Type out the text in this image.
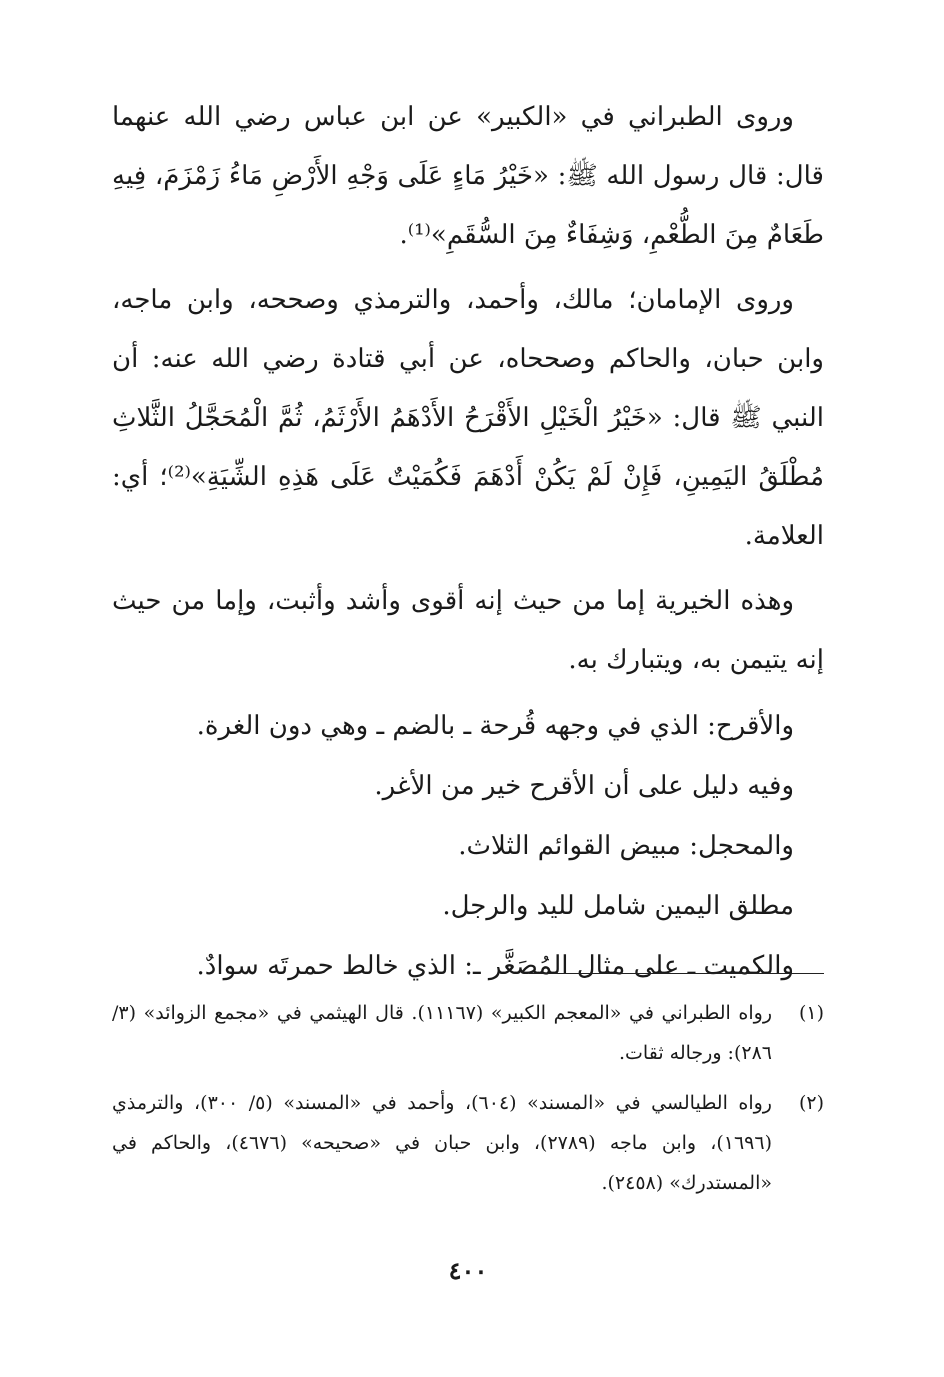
وروى الطبراني في «الكبير» عن ابن عباس رضي الله عنهما قال: قال رسول الله ﷺ: «خَيْرُ مَاءٍ عَلَى وَجْهِ الأَرْضِ مَاءُ زَمْزَمَ، فِيهِ طَعَامٌ مِنَ الطُّعْمِ، وَشِفَاءٌ مِنَ السُّقَمِ»⁽¹⁾.

وروى الإمامان؛ مالك، وأحمد، والترمذي وصححه، وابن ماجه، وابن حبان، والحاكم وصححاه، عن أبي قتادة رضي الله عنه: أن النبي ﷺ قال: «خَيْرُ الْخَيْلِ الأَقْرَحُ الأَدْهَمُ الأَرْثَمُ، ثُمَّ الْمُحَجَّلُ الثَّلاثِ مُطْلَقُ اليَمِينِ، فَإِنْ لَمْ يَكُنْ أَدْهَمَ فَكُمَيْتٌ عَلَى هَذِهِ الشِّيَةِ»⁽²⁾؛ أي: العلامة.

وهذه الخيرية إما من حيث إنه أقوى وأشد وأثبت، وإما من حيث إنه يتيمن به، ويتبارك به.

والأقرح: الذي في وجهه قُرحة ـ بالضم ـ وهي دون الغرة.

وفيه دليل على أن الأقرح خير من الأغر.

والمحجل: مبيض القوائم الثلاث.

مطلق اليمين شامل لليد والرجل.

والكميت ـ على مثال المُصَغَّر ـ: الذي خالط حمرتَه سوادٌ.

(١)
رواه الطبراني في «المعجم الكبير» (١١١٦٧). قال الهيثمي في «مجمع الزوائد» (٣/ ٢٨٦): ورجاله ثقات.
(٢)
رواه الطيالسي في «المسند» (٦٠٤)، وأحمد في «المسند» (٥/ ٣٠٠)، والترمذي (١٦٩٦)، وابن ماجه (٢٧٨٩)، وابن حبان في «صحيحه» (٤٦٧٦)، والحاكم في «المستدرك» (٢٤٥٨).
٤٠٠
